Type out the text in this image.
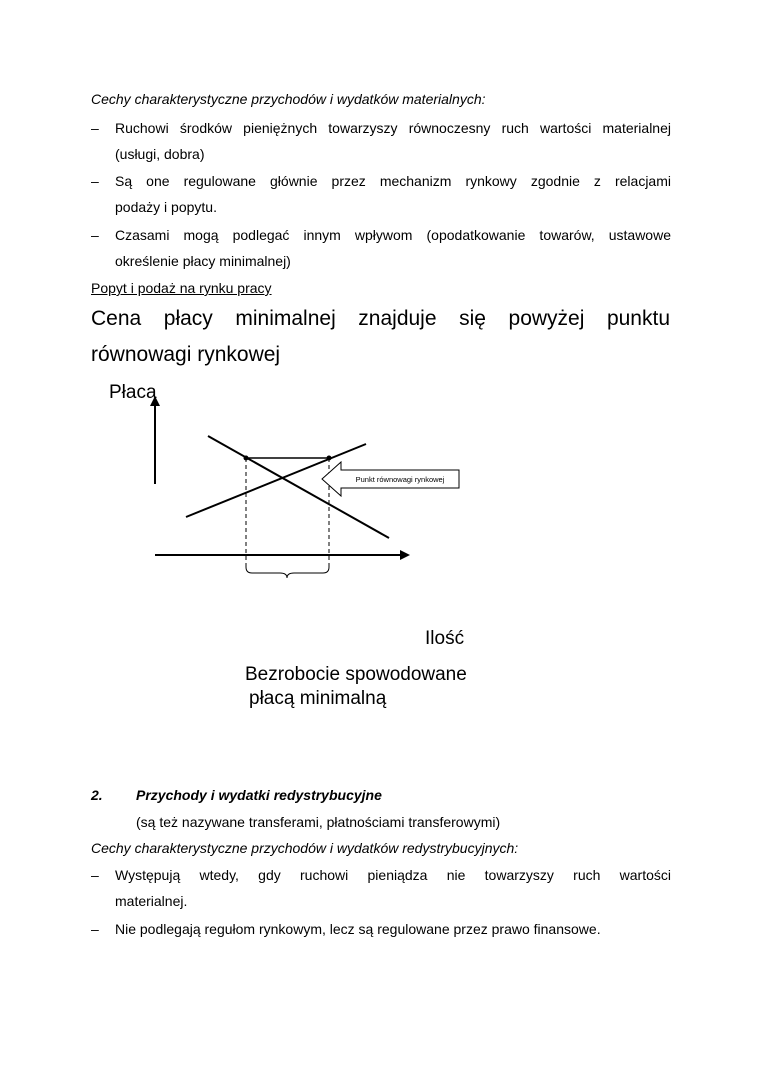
Cechy charakterystyczne przychodów i wydatków materialnych:
– Ruchowi środków pieniężnych towarzyszy równoczesny ruch wartości materialnej
(usługi, dobra)
– Są one regulowane głównie przez mechanizm rynkowy zgodnie z relacjami
podaży i popytu.
– Czasami mogą podlegać innym wpływom (opodatkowanie towarów, ustawowe
określenie płacy minimalnej)
Popyt i podaż na rynku pracy
Cena płacy minimalnej znajduje się powyżej punktu
równowagi rynkowej
Płaca
Punkt równowagi rynkowej
Ilość
Bezrobocie spowodowane
płacą minimalną
2. Przychody i wydatki redystrybucyjne
(są też nazywane transferami, płatnościami transferowymi)
Cechy charakterystyczne przychodów i wydatków redystrybucyjnych:
– Występują wtedy, gdy ruchowi pieniądza nie towarzyszy ruch wartości
materialnej.
– Nie podlegają regułom rynkowym, lecz są regulowane przez prawo finansowe.
